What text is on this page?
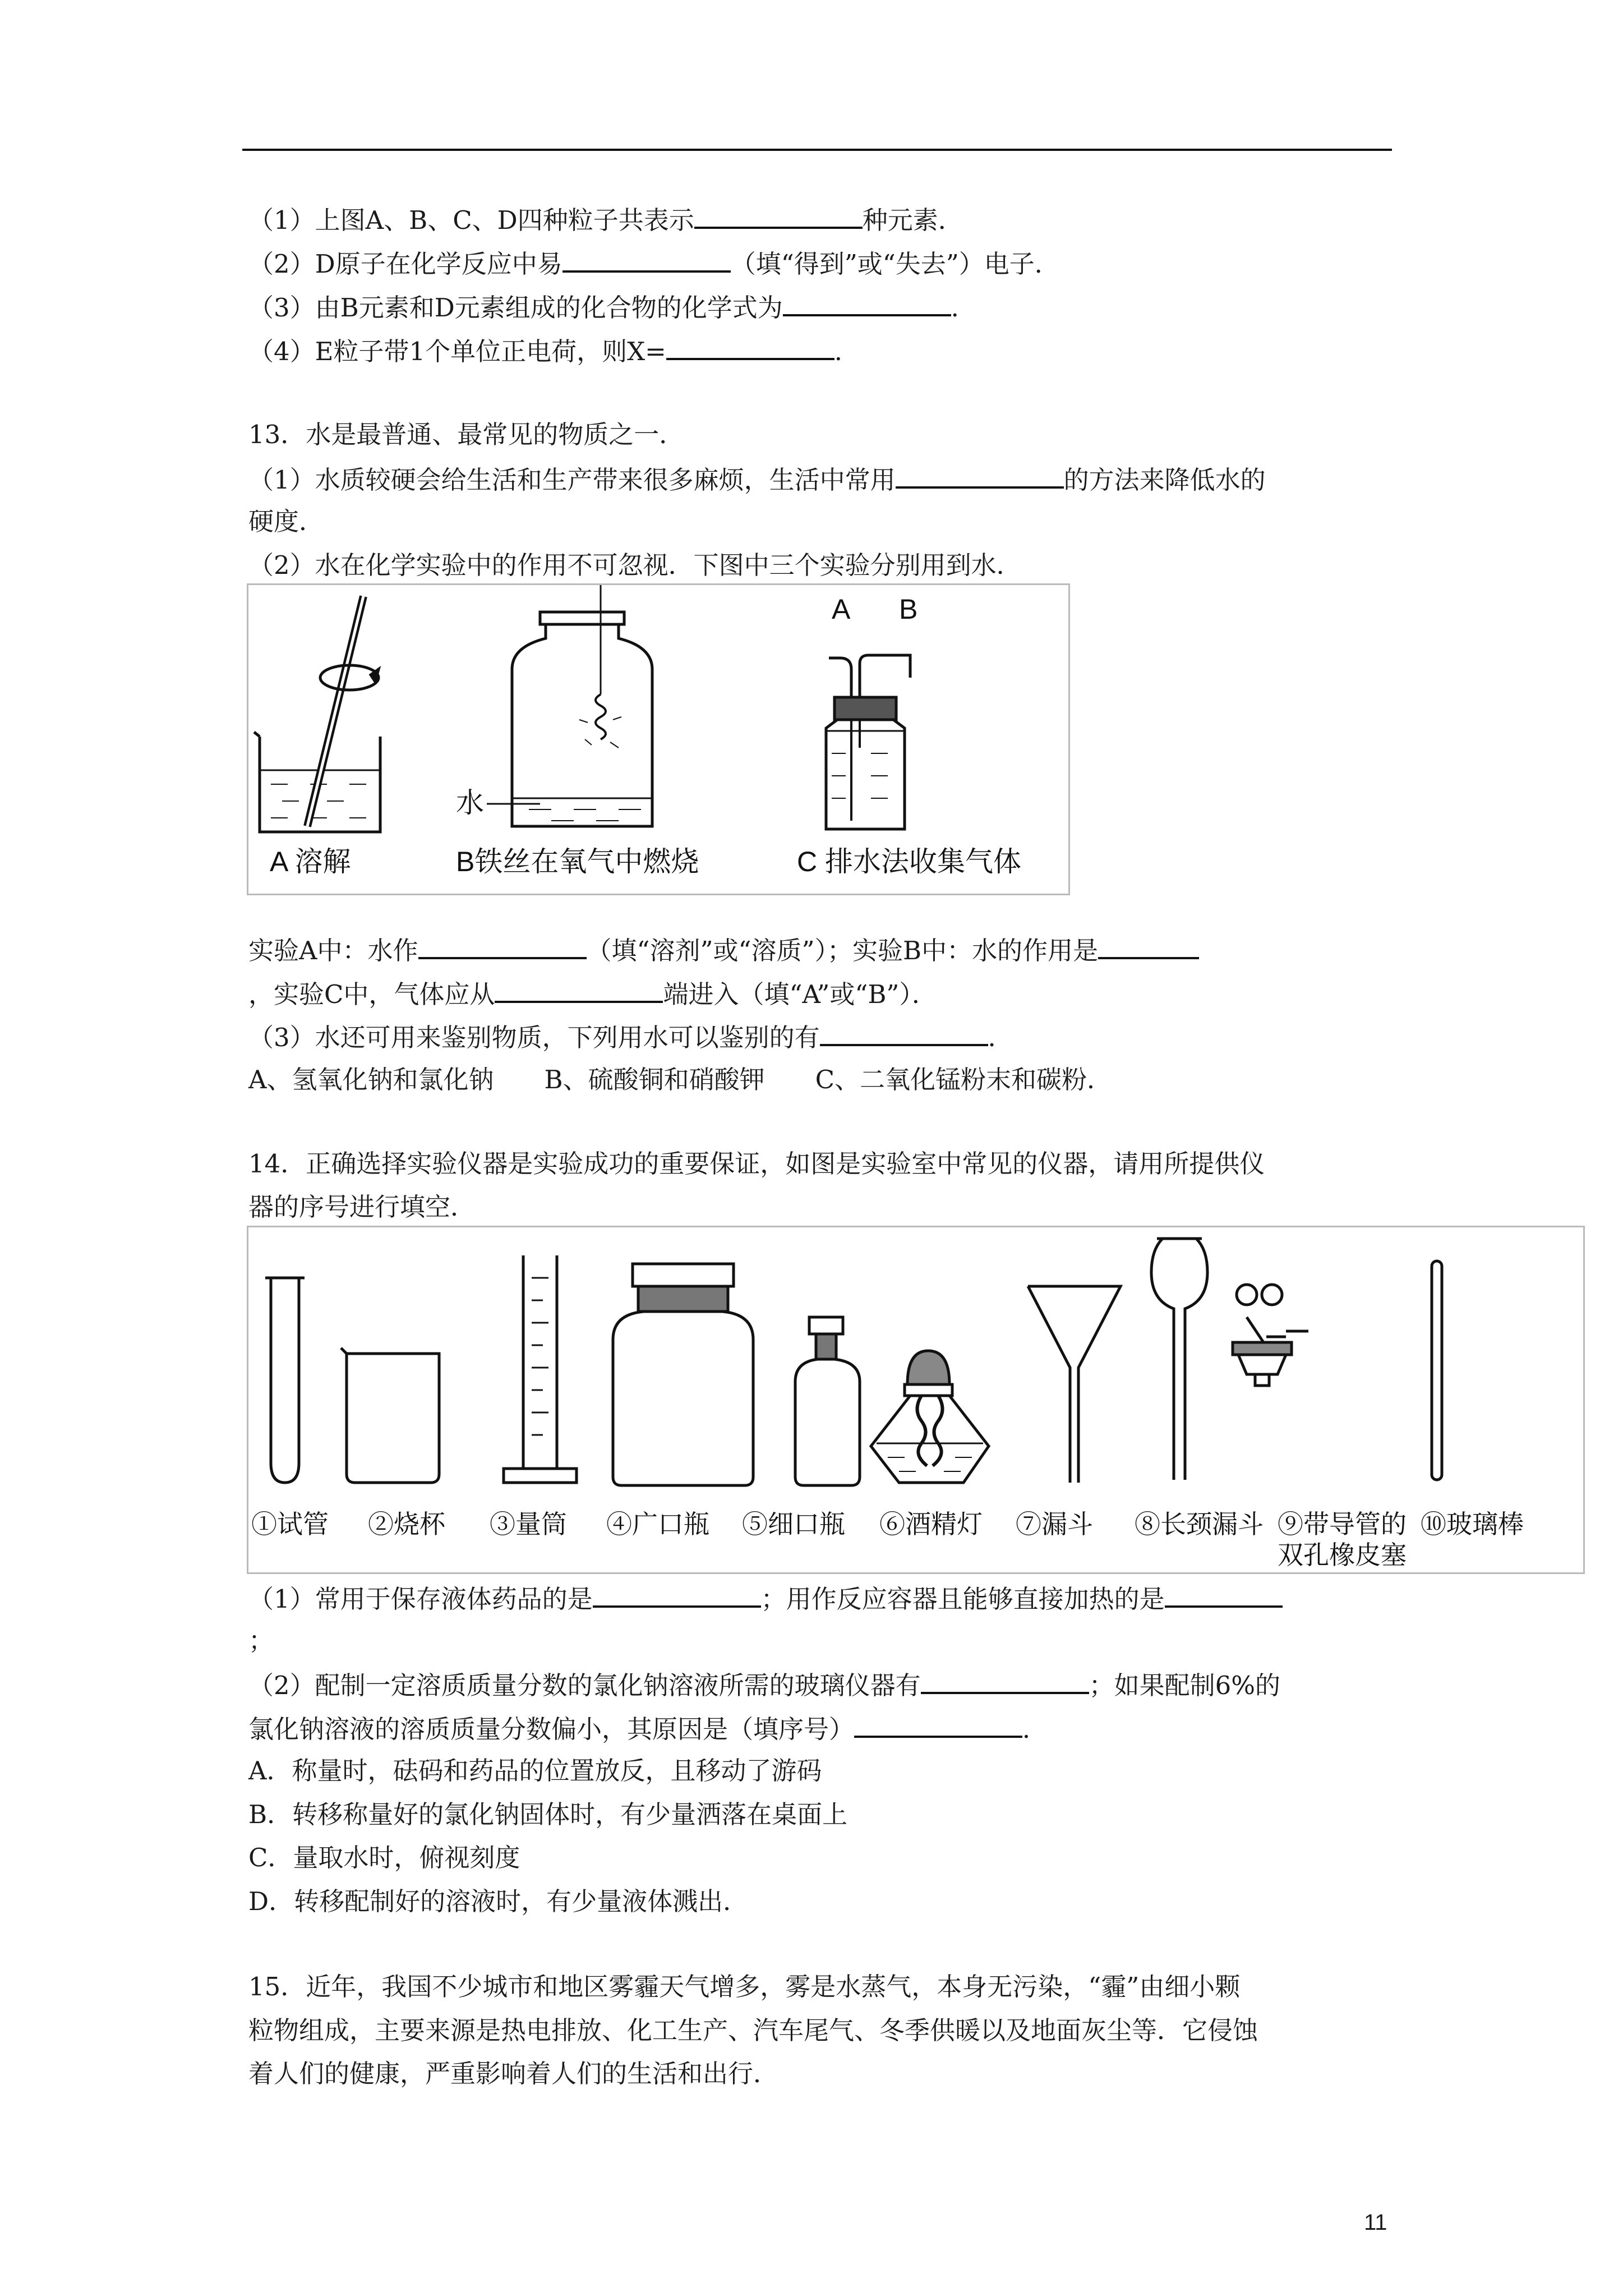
（1）上图A、B、C、D四种粒子共表示	种元素．
（2）D原子在化学反应中易	（填“得到”或“失去”）电子．
（3）由B元素和D元素组成的化合物的化学式为	．
（4）E粒子带1个单位正电荷，则X=	．
13．水是最普通、最常见的物质之一．
（1）水质较硬会给生活和生产带来很多麻烦，生活中常用	的方法来降低水的
硬度．
（2）水在化学实验中的作用不可忽视．下图中三个实验分别用到水．
A 溶解
水
B铁丝在氧气中燃烧
A B
C 排水法收集气体
实验A中：水作	（填“溶剂”或“溶质”）；实验B中：水的作用是
，实验C中，气体应从	端进入（填“A”或“B”）．
（3）水还可用来鉴别物质，下列用水可以鉴别的有	．
A、氢氧化钠和氯化钠　　B、硫酸铜和硝酸钾　　C、二氧化锰粉末和碳粉．
14．正确选择实验仪器是实验成功的重要保证，如图是实验室中常见的仪器，请用所提供仪
器的序号进行填空．
①试管 ②烧杯 ③量筒 ④广口瓶 ⑤细口瓶 ⑥酒精灯 ⑦漏斗 ⑧长颈漏斗 ⑨带导管的
双孔橡皮塞
⑩玻璃棒
（1）常用于保存液体药品的是	；用作反应容器且能够直接加热的是
；
（2）配制一定溶质质量分数的氯化钠溶液所需的玻璃仪器有	；如果配制6%的
氯化钠溶液的溶质质量分数偏小，其原因是（填序号）	．
A．称量时，砝码和药品的位置放反，且移动了游码
B．转移称量好的氯化钠固体时，有少量洒落在桌面上
C．量取水时，俯视刻度
D．转移配制好的溶液时，有少量液体溅出．
15．近年，我国不少城市和地区雾霾天气增多，雾是水蒸气，本身无污染，“霾”由细小颗
粒物组成，主要来源是热电排放、化工生产、汽车尾气、冬季供暖以及地面灰尘等．它侵蚀
着人们的健康，严重影响着人们的生活和出行．
11
